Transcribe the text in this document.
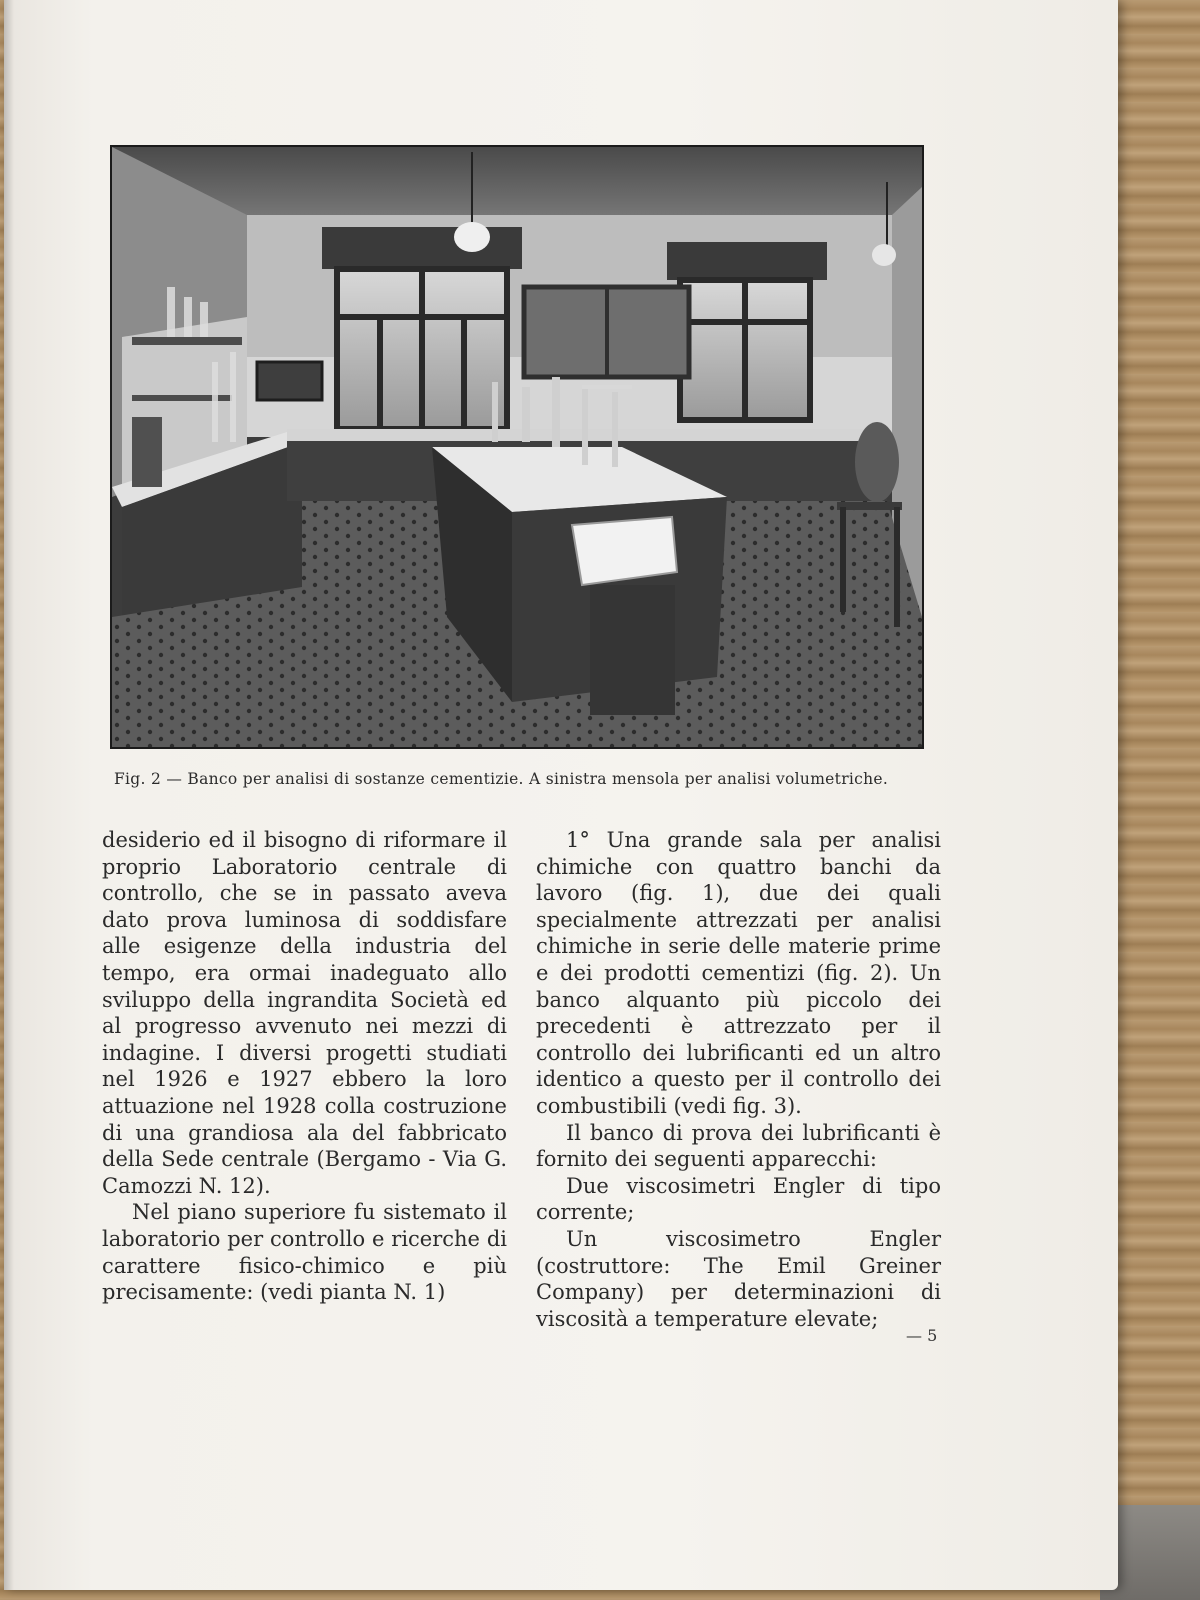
Fig. 2 — Banco per analisi di sostanze cementizie. A sinistra mensola per analisi volumetriche.

desiderio ed il bisogno di riformare il proprio Laboratorio centrale di controllo, che se in passato aveva dato prova luminosa di soddisfare alle esigenze della industria del tempo, era ormai inadeguato allo sviluppo della ingrandita Società ed al progresso avvenuto nei mezzi di indagine. I diversi progetti studiati nel 1926 e 1927 ebbero la loro attuazione nel 1928 colla costruzione di una grandiosa ala del fabbricato della Sede centrale (Bergamo - Via G. Camozzi N. 12).

Nel piano superiore fu sistemato il laboratorio per controllo e ricerche di carattere fisico-chimico e più precisamente: (vedi pianta N. 1)

1° Una grande sala per analisi chimiche con quattro banchi da lavoro (fig. 1), due dei quali specialmente attrezzati per analisi chimiche in serie delle materie prime e dei prodotti cementizi (fig. 2). Un banco alquanto più piccolo dei precedenti è attrezzato per il controllo dei lubrificanti ed un altro identico a questo per il controllo dei combustibili (vedi fig. 3).

Il banco di prova dei lubrificanti è fornito dei seguenti apparecchi:

Due viscosimetri Engler di tipo corrente;

Un viscosimetro Engler (costruttore: The Emil Greiner Company) per determinazioni di viscosità a temperature elevate;

— 5
